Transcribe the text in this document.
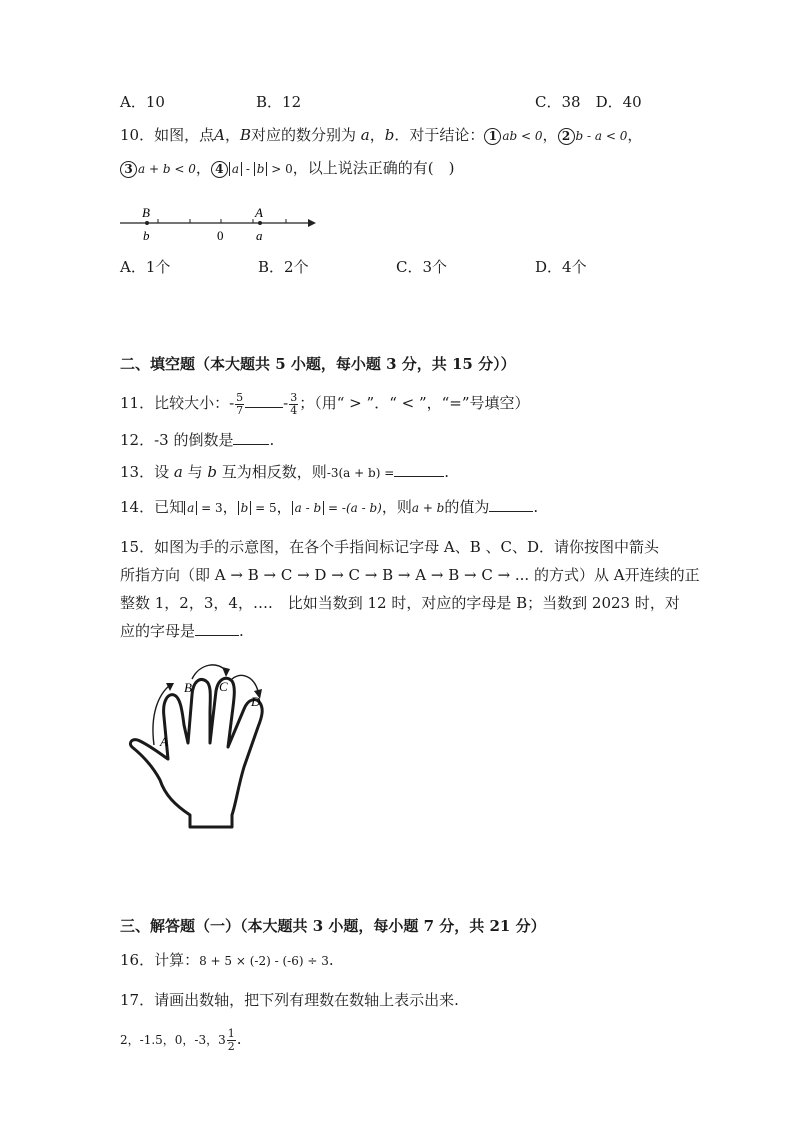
A．10	B．12	C．38　D．40
10．如图，点A，B对应的数分别为 a，b．对于结论： 1 ab < 0， 2 b - a < 0，
3 a + b < 0， 4 a - b > 0，以上说法正确的有(　)
B
b	0
A
a
A．1个	B．2个	C．3个	D．4个
二、填空题（本大题共 5 小题，每小题 3 分，共 15 分））
11．比较大小：- $\frac{5}{7}$	- $\frac{3}{4}$ ；（用“ > ”．“ < ”，“=”号填空）
12．-3 的倒数是 .
13．设 a 与 b 互为相反数，则-3(a + b) =	.
14．已知 a = 3， b = 5， a - b = -(a - b)，则a + b的值为	.
15．如图为手的示意图，在各个手指间标记字母 A、B 、C、D．请你按图中箭头
所指方向（即 A → B → C → D → C → B → A → B → C → ... 的方式）从 A开连续的正
整数 1，2，3，4，….　比如当数到 12 时，对应的字母是 B；当数到 2023 时，对
应的字母是	.
A
B C
D
三、解答题（一）（本大题共 3 小题，每小题 7 分，共 21 分）
16．计算：8 + 5 × (-2) - (-6) ÷ 3.
17．请画出数轴，把下列有理数在数轴上表示出来.
2，-1.5，0，-3，$3 \frac{1}{2}$ .
